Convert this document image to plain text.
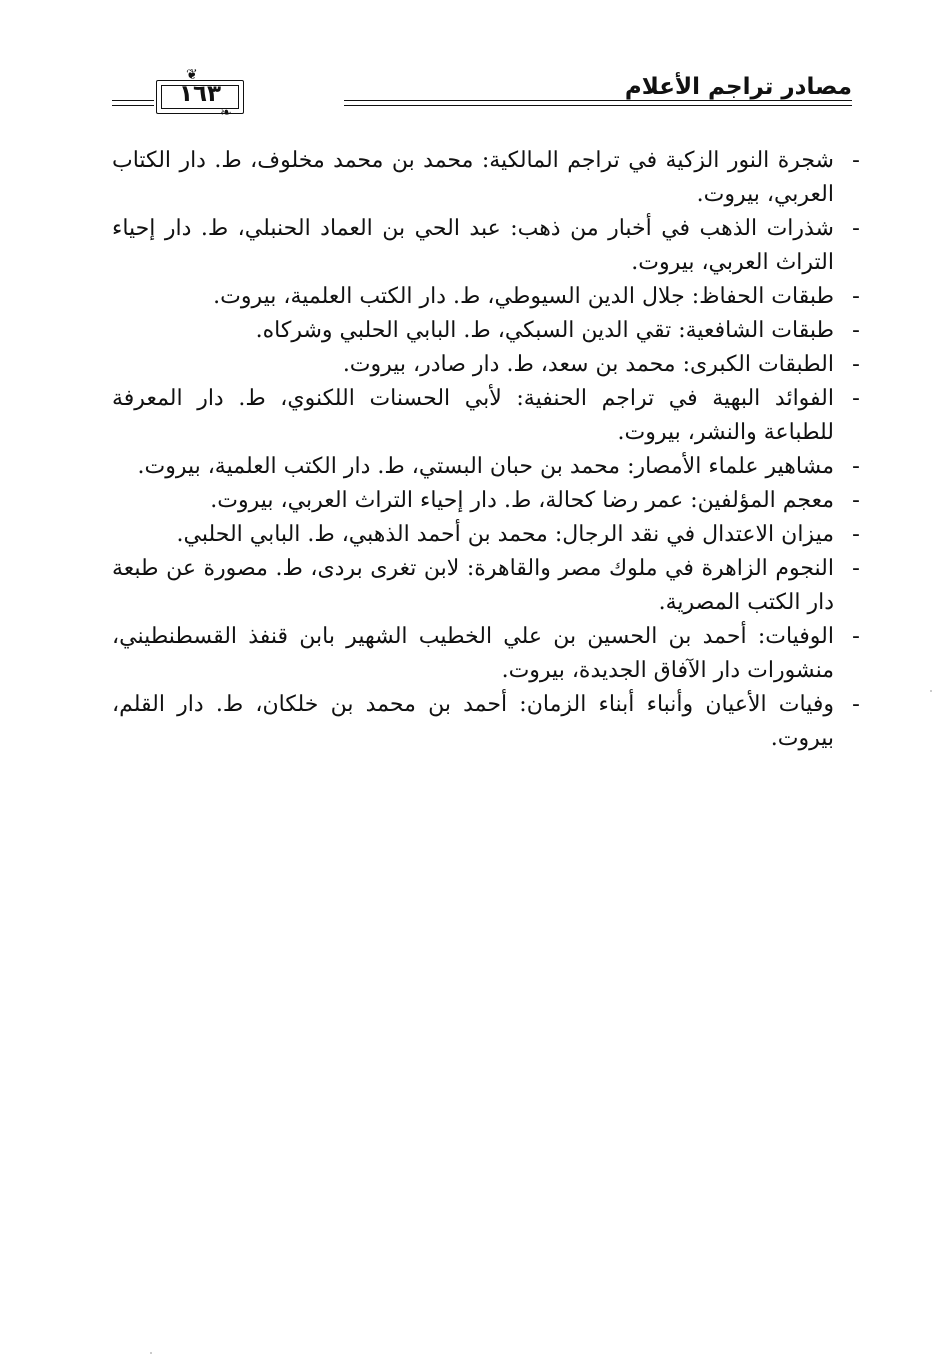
مصادر تراجم الأعلام
١٦٣
❦
❧
-
شجرة النور الزكية في تراجم المالكية: محمد بن محمد مخلوف، ط. دار الكتاب العربي، بيروت.
-
شذرات الذهب في أخبار من ذهب: عبد الحي بن العماد الحنبلي، ط. دار إحياء التراث العربي، بيروت.
-
طبقات الحفاظ: جلال الدين السيوطي، ط. دار الكتب العلمية، بيروت.
-
طبقات الشافعية: تقي الدين السبكي، ط. البابي الحلبي وشركاه.
-
الطبقات الكبرى: محمد بن سعد، ط. دار صادر، بيروت.
-
الفوائد البهية في تراجم الحنفية: لأبي الحسنات اللكنوي، ط. دار المعرفة للطباعة والنشر، بيروت.
-
مشاهير علماء الأمصار: محمد بن حبان البستي، ط. دار الكتب العلمية، بيروت.
-
معجم المؤلفين: عمر رضا كحالة، ط. دار إحياء التراث العربي، بيروت.
-
ميزان الاعتدال في نقد الرجال: محمد بن أحمد الذهبي، ط. البابي الحلبي.
-
النجوم الزاهرة في ملوك مصر والقاهرة: لابن تغرى بردى، ط. مصورة عن طبعة دار الكتب المصرية.
-
الوفيات: أحمد بن الحسين بن علي الخطيب الشهير بابن قنفذ القسطنطيني، منشورات دار الآفاق الجديدة، بيروت.
-
وفيات الأعيان وأنباء أبناء الزمان: أحمد بن محمد بن خلكان، ط. دار القلم، بيروت.
